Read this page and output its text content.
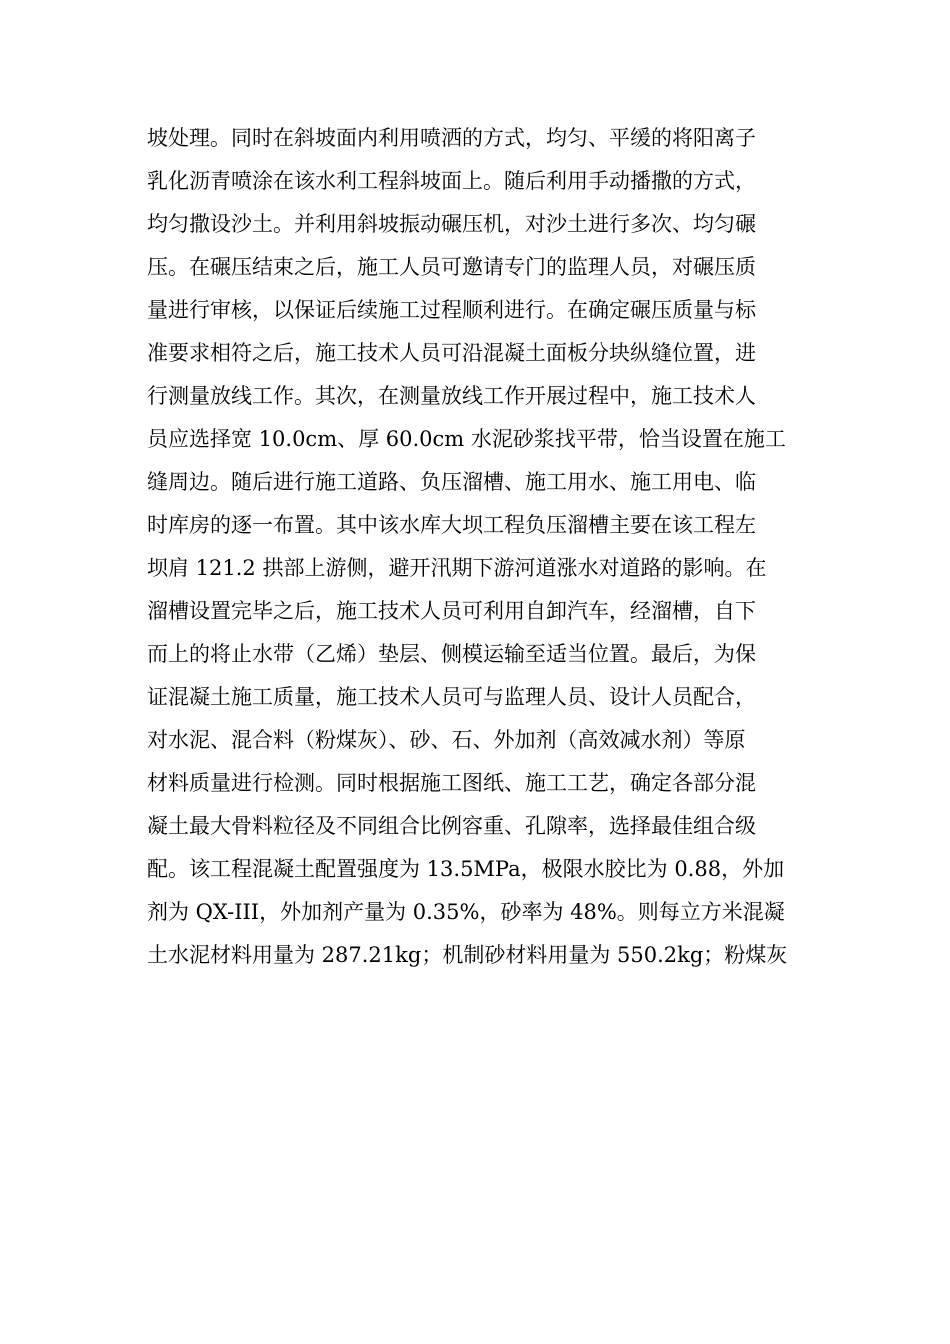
坡处理。同时在斜坡面内利用喷洒的方式，均匀、平缓的将阳离子
乳化沥青喷涂在该水利工程斜坡面上。随后利用手动播撒的方式，
均匀撒设沙土。并利用斜坡振动碾压机，对沙土进行多次、均匀碾
压。在碾压结束之后，施工人员可邀请专门的监理人员，对碾压质
量进行审核，以保证后续施工过程顺利进行。在确定碾压质量与标
准要求相符之后，施工技术人员可沿混凝土面板分块纵缝位置，进
行测量放线工作。其次，在测量放线工作开展过程中，施工技术人
员应选择宽 10.0cm、厚 60.0cm 水泥砂浆找平带，恰当设置在施工
缝周边。随后进行施工道路、负压溜槽、施工用水、施工用电、临
时库房的逐一布置。其中该水库大坝工程负压溜槽主要在该工程左
坝肩 121.2 拱部上游侧，避开汛期下游河道涨水对道路的影响。在
溜槽设置完毕之后，施工技术人员可利用自卸汽车，经溜槽，自下
而上的将止水带（乙烯）垫层、侧模运输至适当位置。最后，为保
证混凝土施工质量，施工技术人员可与监理人员、设计人员配合，
对水泥、混合料（粉煤灰）、砂、石、外加剂（高效减水剂）等原
材料质量进行检测。同时根据施工图纸、施工工艺，确定各部分混
凝土最大骨料粒径及不同组合比例容重、孔隙率，选择最佳组合级
配。该工程混凝土配置强度为 13.5MPa，极限水胶比为 0.88，外加
剂为 QX-III，外加剂产量为 0.35%，砂率为 48%。则每立方米混凝
土水泥材料用量为 287.21kg；机制砂材料用量为 550.2kg；粉煤灰
